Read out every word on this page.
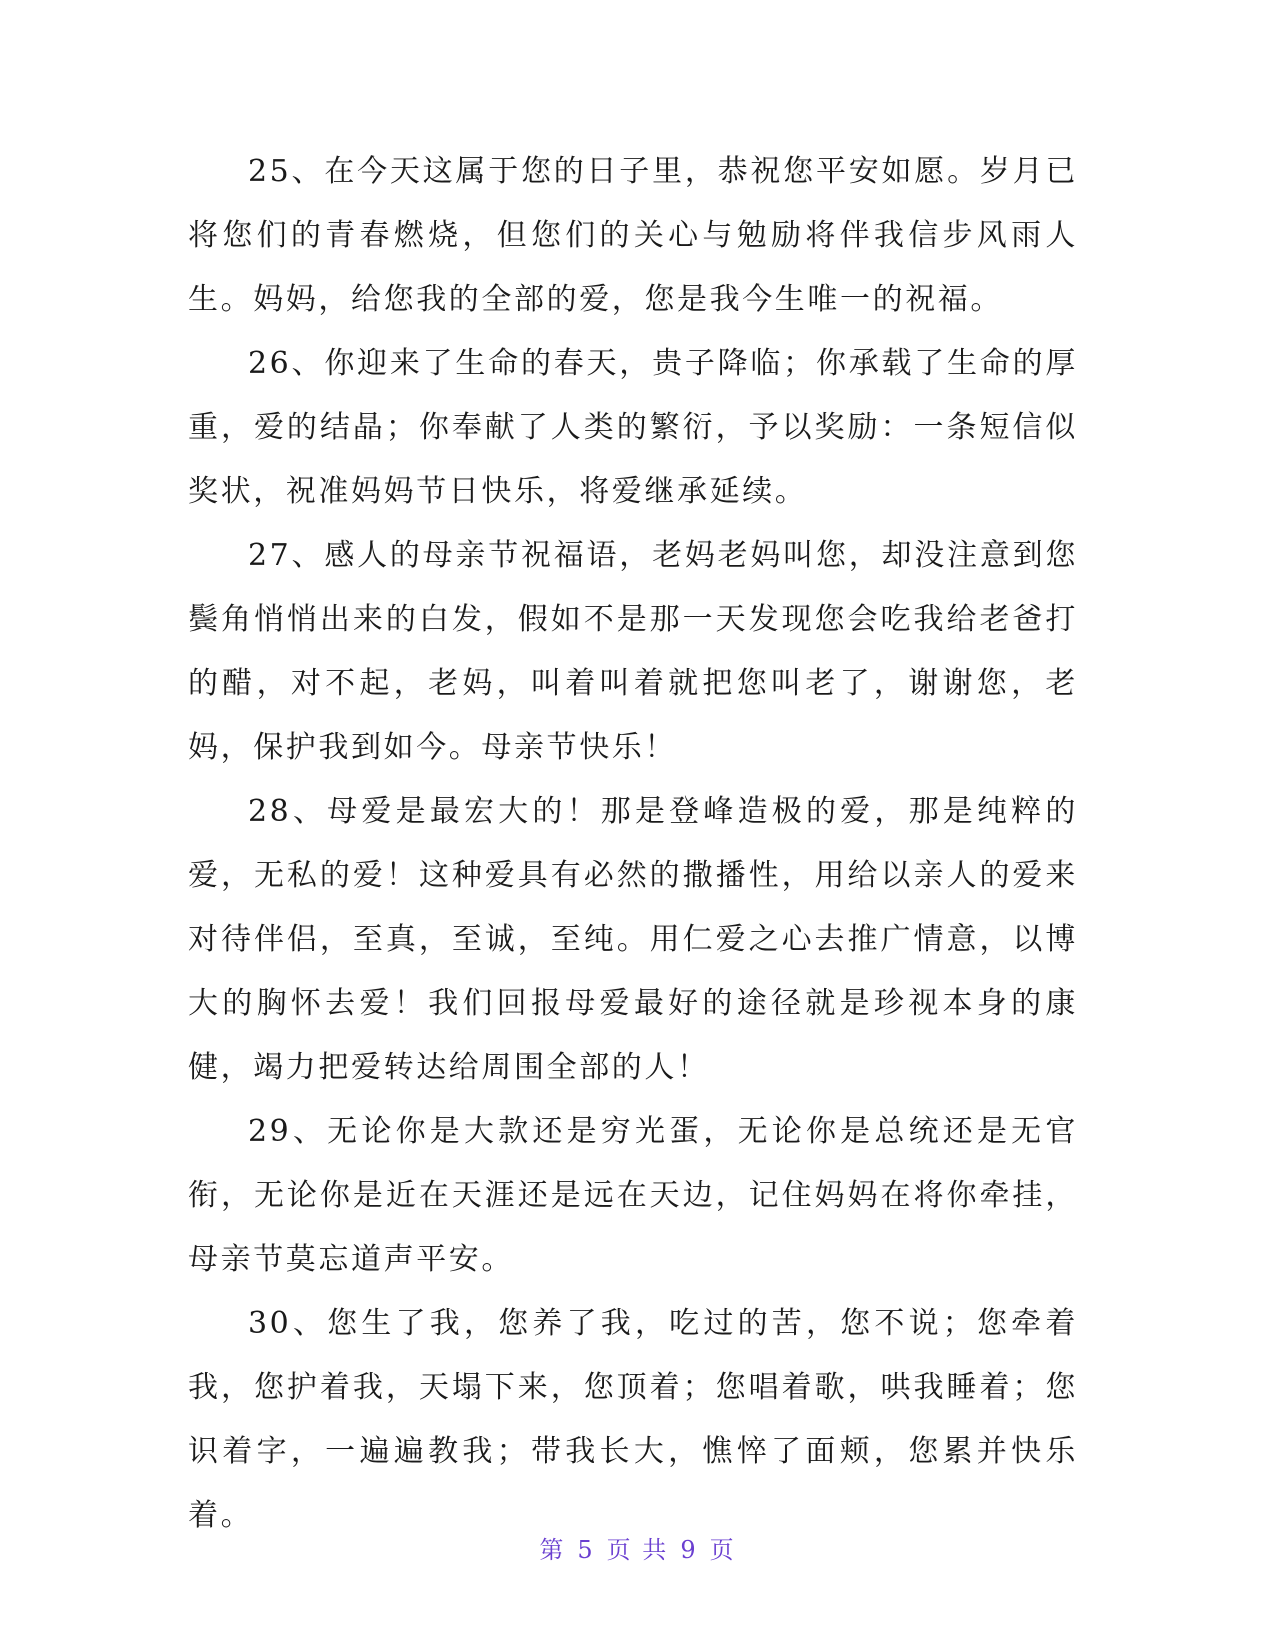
25、在今天这属于您的日子里，恭祝您平安如愿。岁月已将您们的青春燃烧，但您们的关心与勉励将伴我信步风雨人生。妈妈，给您我的全部的爱，您是我今生唯一的祝福。

26、你迎来了生命的春天，贵子降临；你承载了生命的厚重，爱的结晶；你奉献了人类的繁衍，予以奖励：一条短信似奖状，祝准妈妈节日快乐，将爱继承延续。

27、感人的母亲节祝福语，老妈老妈叫您，却没注意到您鬓角悄悄出来的白发，假如不是那一天发现您会吃我给老爸打的醋，对不起，老妈，叫着叫着就把您叫老了，谢谢您，老妈，保护我到如今。母亲节快乐！

28、母爱是最宏大的！那是登峰造极的爱，那是纯粹的爱，无私的爱！这种爱具有必然的撒播性，用给以亲人的爱来对待伴侣，至真，至诚，至纯。用仁爱之心去推广情意，以博大的胸怀去爱！我们回报母爱最好的途径就是珍视本身的康健，竭力把爱转达给周围全部的人！

29、无论你是大款还是穷光蛋，无论你是总统还是无官衔，无论你是近在天涯还是远在天边，记住妈妈在将你牵挂，母亲节莫忘道声平安。

30、您生了我，您养了我，吃过的苦，您不说；您牵着我，您护着我，天塌下来，您顶着；您唱着歌，哄我睡着；您识着字，一遍遍教我；带我长大，憔悴了面颊，您累并快乐着。

第 5 页 共 9 页
